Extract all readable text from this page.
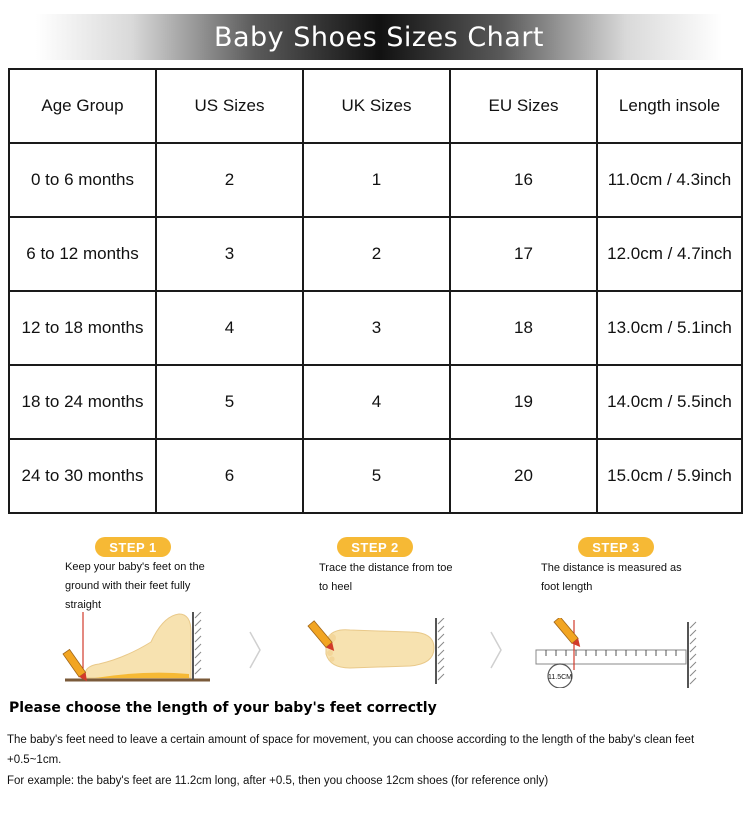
Baby Shoes Sizes Chart
Age Group	US Sizes	UK Sizes	EU Sizes	Length insole
0 to 6 months	2	1	16	11.0cm / 4.3inch
6 to 12 months	3	2	17	12.0cm / 4.7inch
12 to 18 months	4	3	18	13.0cm / 5.1inch
18 to 24 months	5	4	19	14.0cm / 5.5inch
24 to 30 months	6	5	20	15.0cm / 5.9inch
STEP 1
Keep your baby's feet on the ground with their feet fully straight
STEP 2
Trace the distance from toe to heel
STEP 3
The distance is measured as foot length
11.5CM
Please choose the length of your baby's feet correctly
The baby's feet need to leave a certain amount of space for movement, you can choose according to the length of the baby's clean feet +0.5~1cm.
For example: the baby's feet are 11.2cm long, after +0.5, then you choose 12cm shoes (for reference only)
